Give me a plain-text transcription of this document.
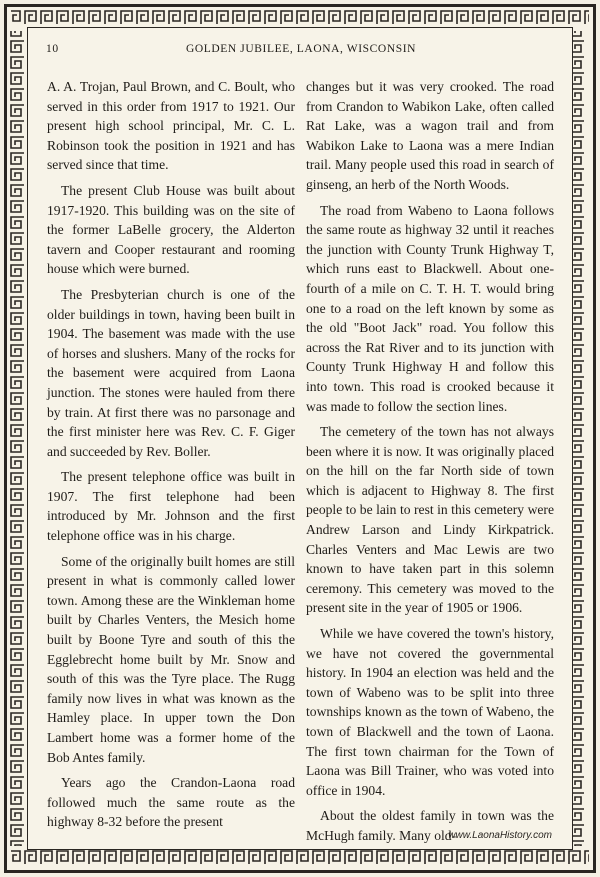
10	GOLDEN JUBILEE, LAONA, WISCONSIN

A. A. Trojan, Paul Brown, and C. Boult, who served in this order from 1917 to 1921. Our present high school principal, Mr. C. L. Robinson took the position in 1921 and has served since that time.

The present Club House was built about 1917-1920. This building was on the site of the former LaBelle grocery, the Alderton tavern and Cooper restaurant and rooming house which were burned.

The Presbyterian church is one of the older buildings in town, having been built in 1904. The basement was made with the use of horses and slushers. Many of the rocks for the basement were acquired from Laona junction. The stones were hauled from there by train. At first there was no parsonage and the first minister here was Rev. C. F. Giger and succeeded by Rev. Boller.

The present telephone office was built in 1907. The first telephone had been introduced by Mr. Johnson and the first telephone office was in his charge.

Some of the originally built homes are still present in what is commonly called lower town. Among these are the Winkleman home built by Charles Venters, the Mesich home built by Boone Tyre and south of this the Egglebrecht home built by Mr. Snow and south of this was the Tyre place. The Rugg family now lives in what was known as the Hamley place. In upper town the Don Lambert home was a former home of the Bob Antes family.

Years ago the Crandon-Laona road followed much the same route as the highway 8-32 before the present

changes but it was very crooked. The road from Crandon to Wabikon Lake, often called Rat Lake, was a wagon trail and from Wabikon Lake to Laona was a mere Indian trail. Many people used this road in search of ginseng, an herb of the North Woods.

The road from Wabeno to Laona follows the same route as highway 32 until it reaches the junction with County Trunk Highway T, which runs east to Blackwell. About one-fourth of a mile on C. T. H. T. would bring one to a road on the left known by some as the old "Boot Jack" road. You follow this across the Rat River and to its junction with County Trunk Highway H and follow this into town. This road is crooked because it was made to follow the section lines.

The cemetery of the town has not always been where it is now. It was originally placed on the hill on the far North side of town which is adjacent to Highway 8. The first people to be lain to rest in this cemetery were Andrew Larson and Lindy Kirkpatrick. Charles Venters and Mac Lewis are two known to have taken part in this solemn ceremony. This cemetery was moved to the present site in the year of 1905 or 1906.

While we have covered the town's history, we have not covered the governmental history. In 1904 an election was held and the town of Wabeno was to be split into three townships known as the town of Wabeno, the town of Blackwell and the town of Laona. The first town chairman for the Town of Laona was Bill Trainer, who was voted into office in 1904.

About the oldest family in town was the McHugh family. Many old-

www.LaonaHistory.com
